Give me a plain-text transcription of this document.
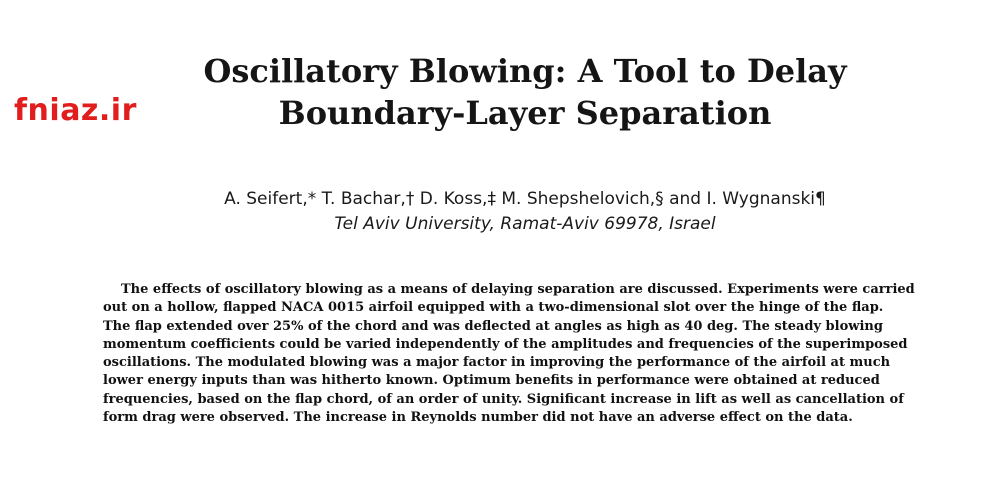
fniaz.ir
Oscillatory Blowing: A Tool to Delay
Boundary-Layer Separation
A. Seifert,* T. Bachar,† D. Koss,‡ M. Shepshelovich,§ and I. Wygnanski¶
Tel Aviv University, Ramat-Aviv 69978, Israel

The effects of oscillatory blowing as a means of delaying separation are discussed. Experiments were carried
out on a hollow, flapped NACA 0015 airfoil equipped with a two-dimensional slot over the hinge of the flap.
The flap extended over 25% of the chord and was deflected at angles as high as 40 deg. The steady blowing
momentum coefficients could be varied independently of the amplitudes and frequencies of the superimposed
oscillations. The modulated blowing was a major factor in improving the performance of the airfoil at much
lower energy inputs than was hitherto known. Optimum benefits in performance were obtained at reduced
frequencies, based on the flap chord, of an order of unity. Significant increase in lift as well as cancellation of
form drag were observed. The increase in Reynolds number did not have an adverse effect on the data.
